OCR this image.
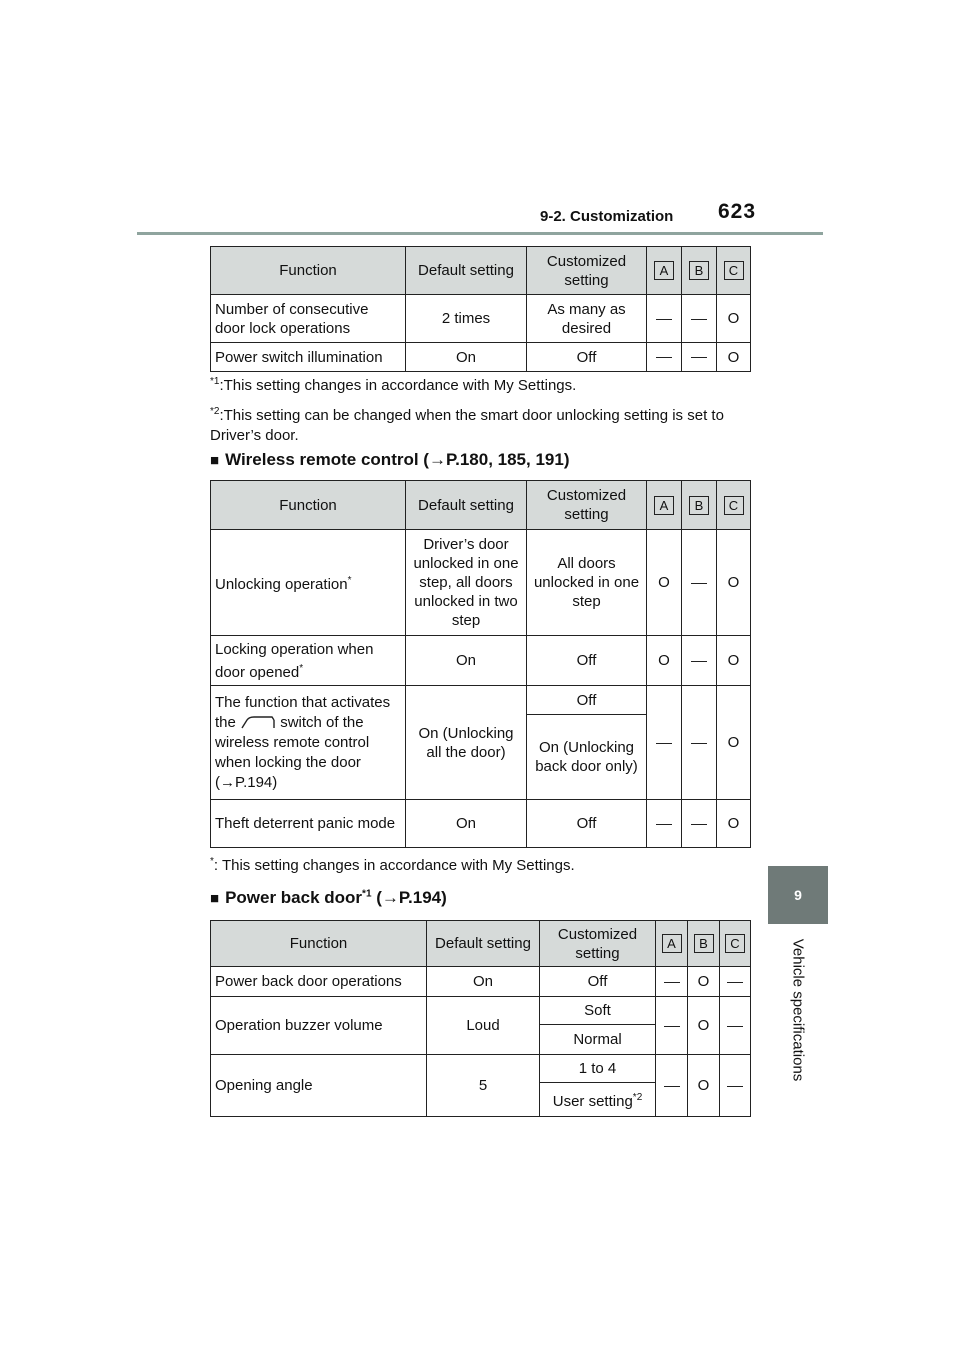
9-2. Customization 623
9
Vehicle specifications
Function	Default setting	Customized setting	A	B	C
Number of consecutive door lock operations	2 times	As many as desired			O
Power switch illumination	On	Off			O
$^{*1}$:This setting changes in accordance with My Settings.
$^{*2}$:This setting can be changed when the smart door unlocking setting is set to Driver’s door.
■ Wireless remote control (→P.180, 185, 191)
Function	Default setting	Customized setting	A	B	C
Unlocking operation*	Driver’s door unlocked in one step, all doors unlocked in two step	All doors unlocked in one step	O		O
Locking operation when door opened*	On	Off	O		O
The function that activates the switch of the wireless remote control when locking the door (→P.194)	On (Unlocking all the door)	Off			O
		On (Unlocking back door only)			
Theft deterrent panic mode	On	Off			O
*: This setting changes in accordance with My Settings.
■ Power back door$^{*1}$ (→P.194)
Function	Default setting	Customized setting	A	B	C
Power back door operations	On	Off		O	
Operation buzzer volume	Loud	Soft		O	
		Normal			
Opening angle	5	1 to 4		O	
		User setting$^{*2}$
